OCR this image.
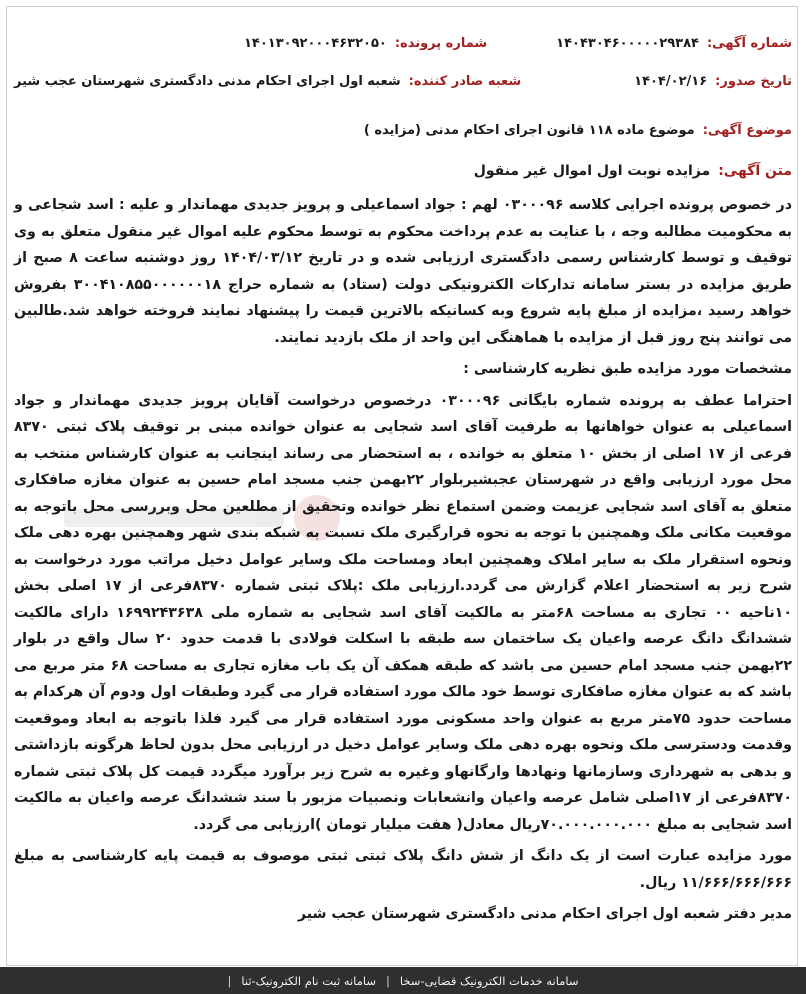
شماره آگهی:
۱۴۰۴۳۰۴۶۰۰۰۰۰۲۹۳۸۴
شماره پرونده:
۱۴۰۱۳۰۹۲۰۰۰۴۶۳۲۰۵۰
تاریخ صدور:
۱۴۰۴/۰۲/۱۶
شعبه صادر کننده:
شعبه اول اجرای احکام مدنی دادگستری شهرستان عجب شیر
موضوع آگهی:
موضوع ماده ۱۱۸ قانون اجرای احکام مدنی (مزایده )
متن آگهی:
مزایده نوبت اول اموال غیر منقول

در خصوص پرونده اجرایی کلاسه ۰۳۰۰۰۹۶ لهم : جواد اسماعیلی و پرویز جدیدی مهماندار و علیه : اسد شجاعی و به محکومیت مطالبه وجه ، با عنایت به عدم پرداخت محکوم به توسط محکوم علیه اموال غیر منقول متعلق به وی توقیف و توسط کارشناس رسمی دادگستری ارزیابی شده و در تاریخ ۱۴۰۴/۰۳/۱۲ روز دوشنبه ساعت ۸ صبح از طریق مزایده در بستر سامانه تدارکات الکترونیکی دولت (ستاد) به شماره حراج ۳۰۰۴۱۰۸۵۵۰۰۰۰۰۰۱۸ بفروش خواهد رسید ،مزایده از مبلغ پایه شروع وبه کسانیکه بالاترین قیمت را پیشنهاد نمایند فروخته خواهد شد.طالبین می توانند پنج روز قبل از مزایده با هماهنگی این واحد از ملک بازدید نمایند.

مشخصات مورد مزایده طبق نظریه کارشناسی :

احتراما عطف به پرونده شماره بایگانی ۰۳۰۰۰۹۶ درخصوص درخواست آقایان پرویز جدیدی مهماندار و جواد اسماعیلی به عنوان خواهانها به طرفیت آقای اسد شجایی به عنوان خوانده مبنی بر توقیف پلاک ثبتی ۸۳۷۰ فرعی از ۱۷ اصلی از بخش ۱۰ متعلق به خوانده ، به استحضار می رساند اینجانب به عنوان کارشناس منتخب به محل مورد ارزیابی واقع در شهرستان عجبشیربلوار ۲۲بهمن جنب مسجد امام حسین به عنوان مغازه صافکاری متعلق به آقای اسد شجایی عزیمت وضمن استماع نظر خوانده وتحقیق از مطلعین محل وبررسی محل باتوجه به موقعیت مکانی ملک وهمچنین با توجه به نحوه قرارگیری ملک نسبت به شبکه بندی شهر وهمچنین بهره دهی ملک ونحوه استقرار ملک به سایر املاک وهمچنین ابعاد ومساحت ملک وسایر عوامل دخیل مراتب مورد درخواست به شرح زیر به استحضار اعلام گزارش می گردد.ارزیابی ملک :پلاک ثبتی شماره ۸۳۷۰فرعی از ۱۷ اصلی بخش ۱۰ناحیه ۰۰ تجاری به مساحت ۶۸متر به مالکیت آقای اسد شجایی به شماره ملی ۱۶۹۹۲۴۳۶۳۸ دارای مالکیت ششدانگ دانگ عرصه واعیان یک ساختمان سه طبقه با اسکلت فولادی با قدمت حدود ۲۰ سال واقع در بلوار ۲۲بهمن جنب مسجد امام حسین می باشد که طبقه همکف آن یک باب مغازه تجاری به مساحت ۶۸ متر مربع می باشد که به عنوان مغازه صافکاری توسط خود مالک مورد استفاده قرار می گیرد وطبقات اول ودوم آن هرکدام به مساحت حدود ۷۵متر مربع به عنوان واحد مسکونی مورد استفاده قرار می گیرد فلذا باتوجه به ابعاد وموقعیت وقدمت ودسترسی ملک ونحوه بهره دهی ملک وسایر عوامل دخیل در ارزیابی محل بدون لحاظ هرگونه بازداشتی و بدهی به شهرداری وسازمانها ونهادها وارگانهاو وغیره به شرح زیر برآورد میگردد قیمت کل پلاک ثبتی شماره ۸۳۷۰فرعی از ۱۷اصلی شامل عرصه واعیان وانشعابات ونصبیات مزبور با سند ششدانگ عرصه واعیان به مالکیت اسد شجایی به مبلغ ۷۰.۰۰۰.۰۰۰.۰۰۰ریال معادل( هفت میلیار تومان )ارزیابی می گردد.

مورد مزایده عبارت است از یک دانگ از شش دانگ پلاک ثبتی ثبتی موصوف به قیمت پایه کارشناسی به مبلغ ۱۱/۶۶۶/۶۶۶/۶۶۶ ریال.

مدیر دفتر شعبه اول اجرای احکام مدنی دادگستری شهرستان عجب شیر

سامانه خدمات الکترونیک قضایی-سخا
|
سامانه ثبت نام الکترونیک-ثنا
|
